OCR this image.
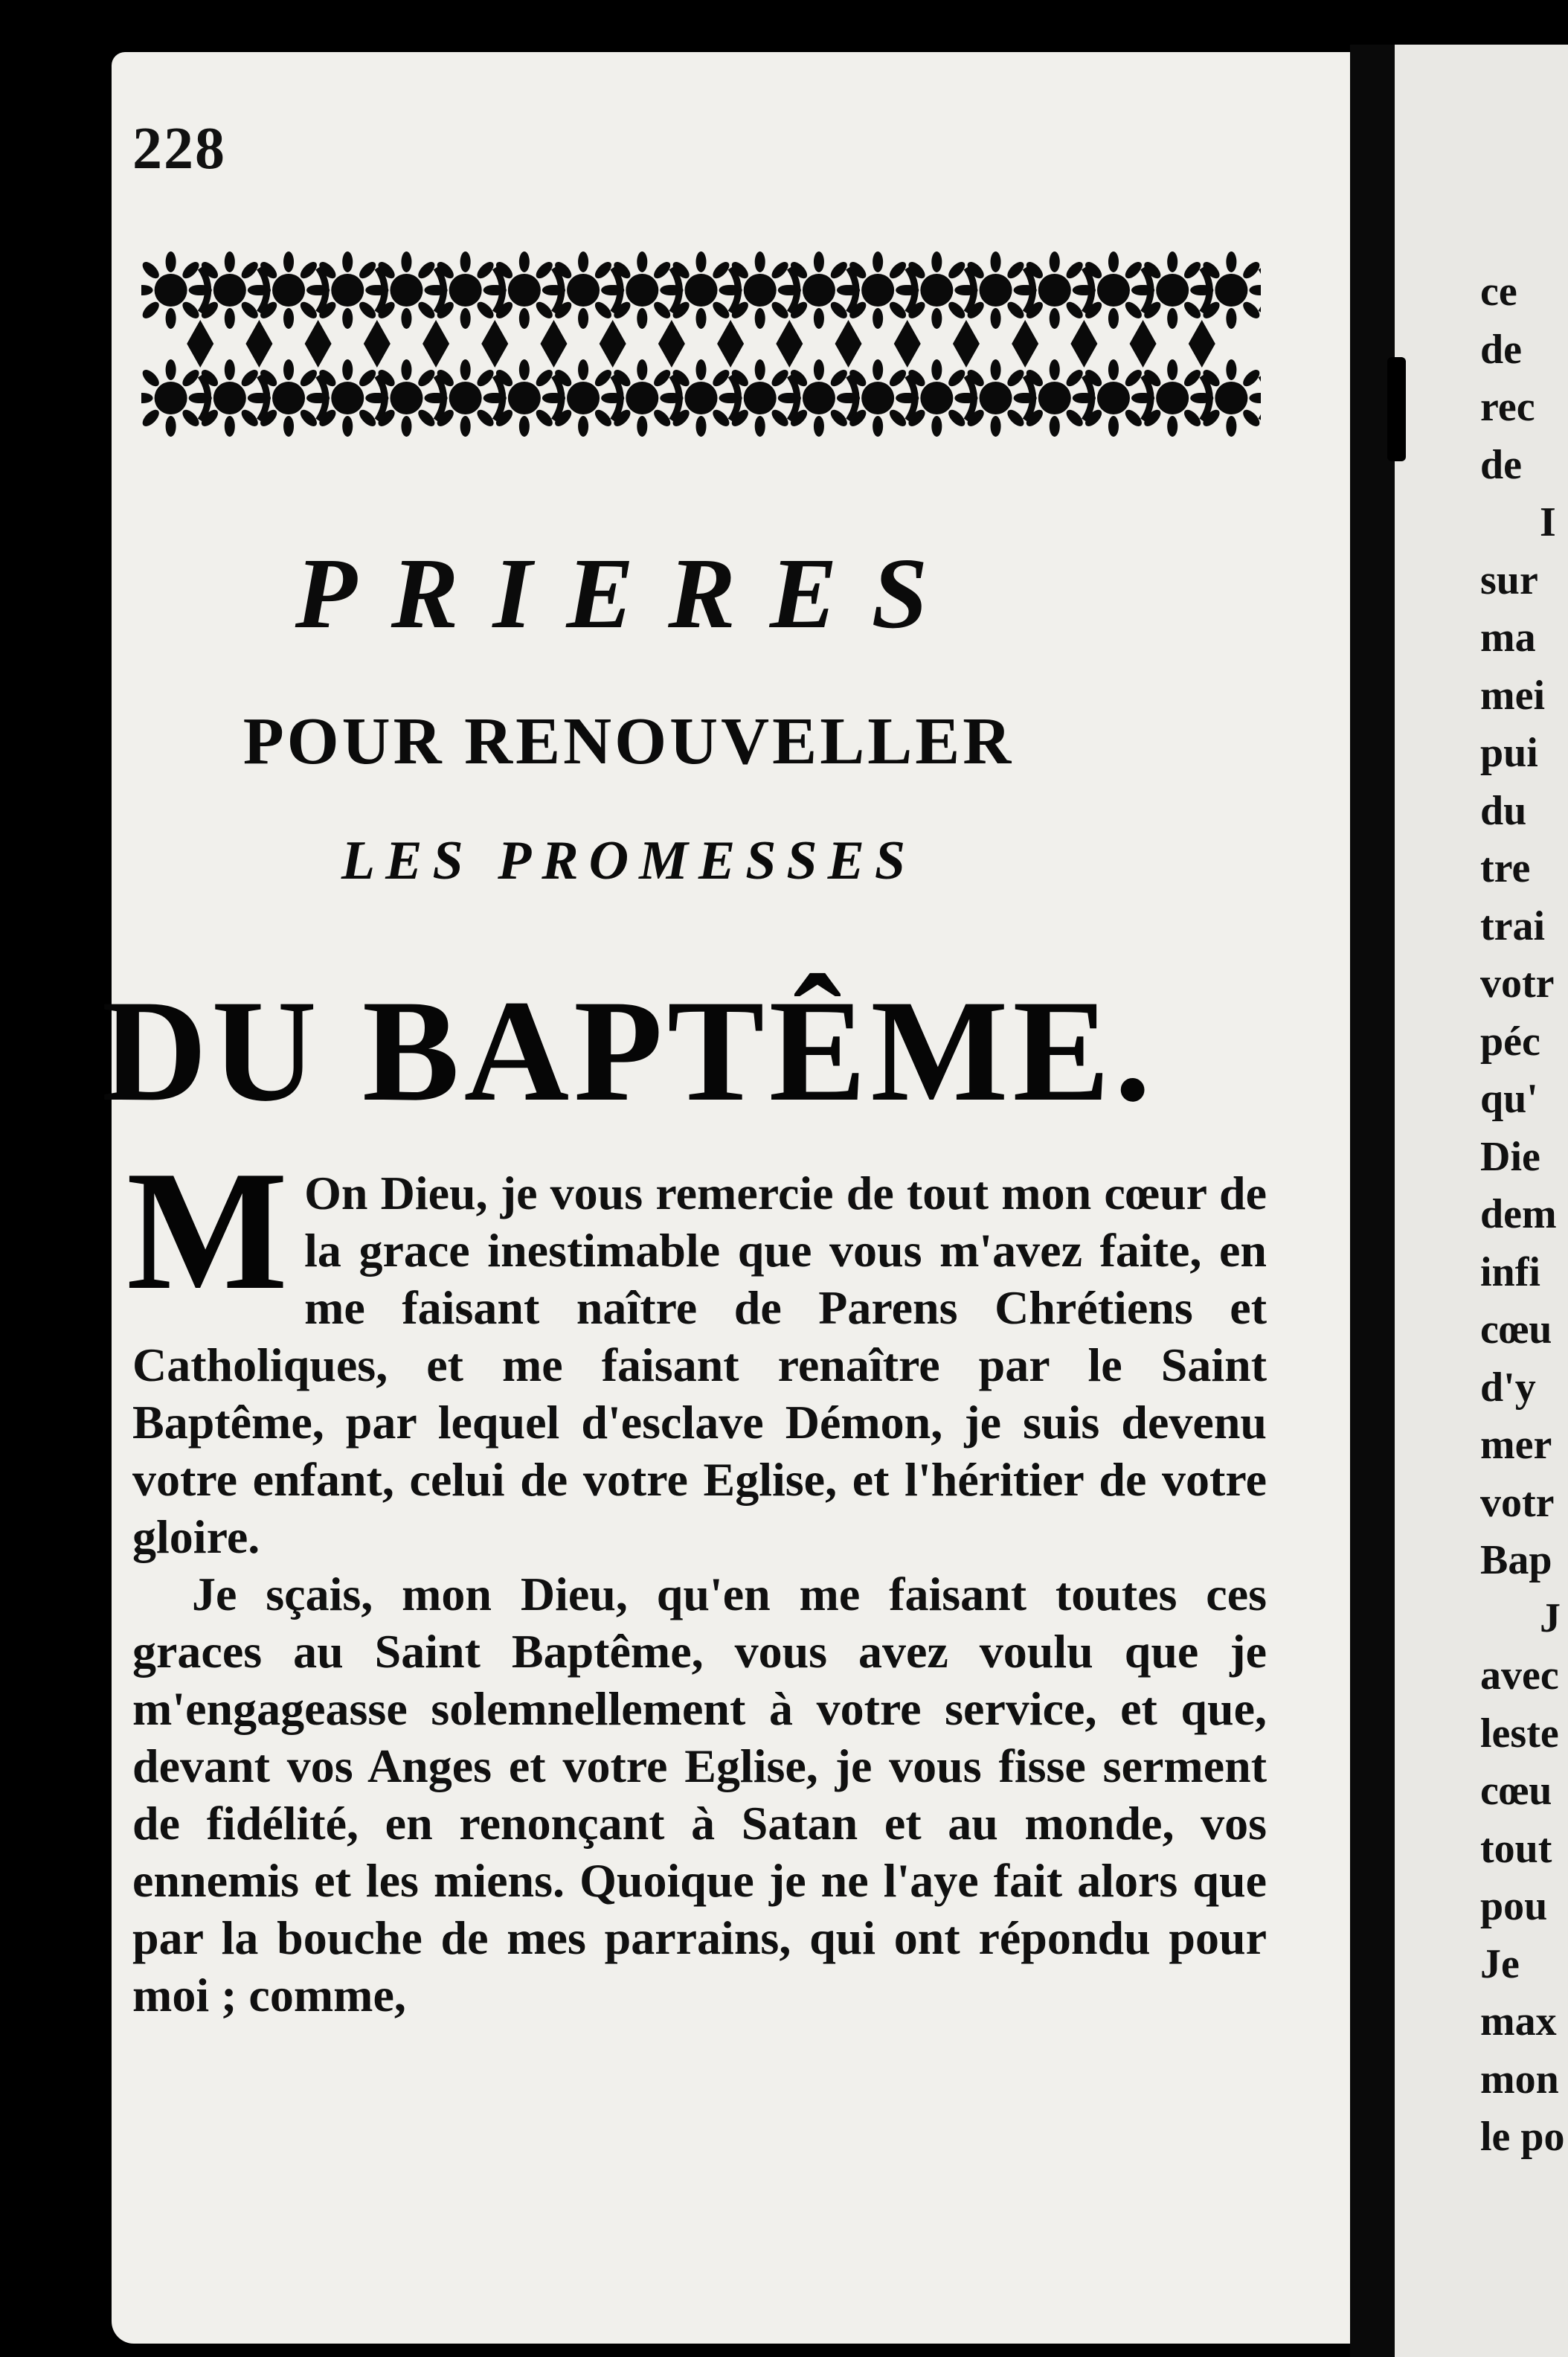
228
PRIERES
POUR RENOUVELLER
LES PROMESSES
DU BAPTÊME.

M On Dieu, je vous remercie de tout mon cœur de la grace inestimable que vous m'avez faite, en me faisant naître de Parens Chrétiens et Catholiques, et me faisant renaître par le Saint Baptême, par lequel d'esclave Démon, je suis devenu votre enfant, celui de votre Eglise, et l'héritier de votre gloire.

Je sçais, mon Dieu, qu'en me faisant toutes ces graces au Saint Baptême, vous avez voulu que je m'engageasse solemnellement à votre service, et que, devant vos Anges et votre Eglise, je vous fisse serment de fidélité, en renonçant à Satan et au monde, vos ennemis et les miens. Quoique je ne l'aye fait alors que par la bouche de mes parrains, qui ont répondu pour moi ; comme,

ce
de
rec
de
I
sur
ma
mei
pui
du
tre
trai
votr
péc
qu'
Die
dem
infi
cœu
d'y
mer
votr
Bap
J
avec
leste
cœu
tout
pou
Je
max
mon
le po
